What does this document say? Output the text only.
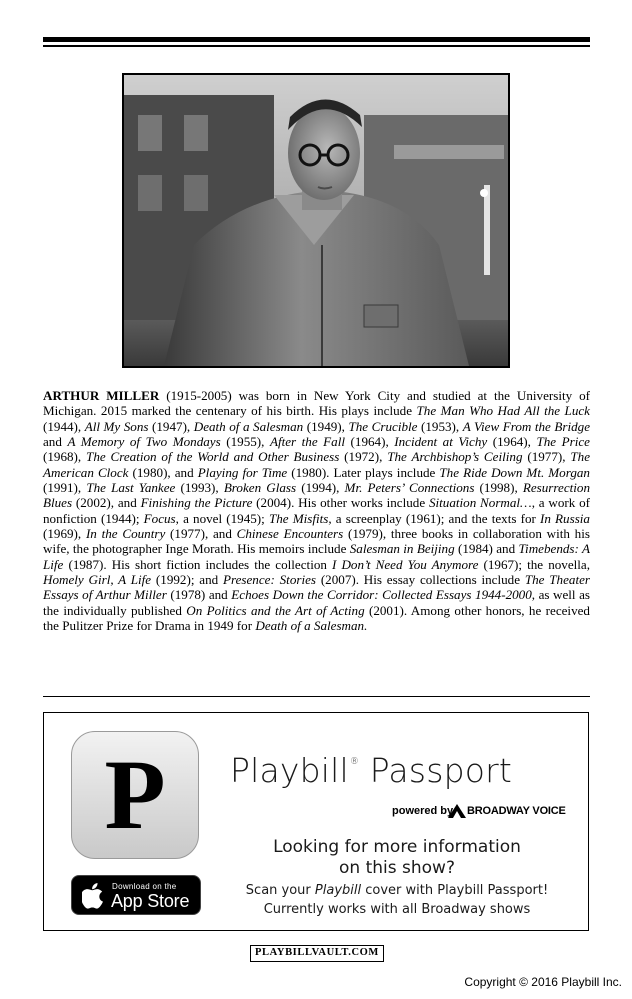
ARTHUR MILLER (1915-2005) was born in New York City and studied at the University of Michigan. 2015 marked the centenary of his birth. His plays include The Man Who Had All the Luck (1944), All My Sons (1947), Death of a Salesman (1949), The Crucible (1953), A View From the Bridge and A Memory of Two Mondays (1955), After the Fall (1964), Incident at Vichy (1964), The Price (1968), The Creation of the World and Other Business (1972), The Archbishop’s Ceiling (1977), The American Clock (1980), and Playing for Time (1980). Later plays include The Ride Down Mt. Morgan (1991), The Last Yankee (1993), Broken Glass (1994), Mr. Peters’ Connections (1998), Resurrection Blues (2002), and Finishing the Picture (2004). His other works include Situation Normal…, a work of nonfiction (1944); Focus, a novel (1945); The Misfits, a screenplay (1961); and the texts for In Russia (1969), In the Country (1977), and Chinese Encounters (1979), three books in collaboration with his wife, the photographer Inge Morath. His memoirs include Salesman in Beijing (1984) and Timebends: A Life (1987). His short fiction includes the collection I Don’t Need You Anymore (1967); the novella, Homely Girl, A Life (1992); and Presence: Stories (2007). His essay collections include The Theater Essays of Arthur Miller (1978) and Echoes Down the Corridor: Collected Essays 1944-2000, as well as the individually published On Politics and the Art of Acting (2001). Among other honors, he received the Pulitzer Prize for Drama in 1949 for Death of a Salesman.

P
Download on the
App Store
Playbill® Passport
powered by BROADWAY VOICE
Looking for more information
on this show?
Scan your Playbill cover with Playbill Passport!
Currently works with all Broadway shows
PLAYBILLVAULT.COM
Copyright © 2016 Playbill Inc.
